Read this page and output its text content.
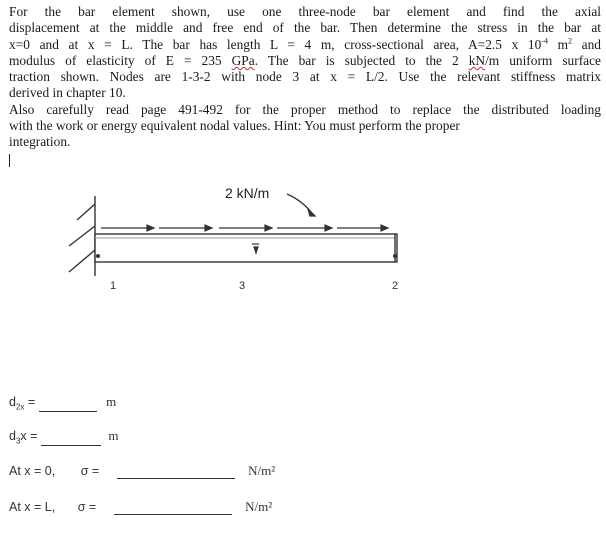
For the bar element shown, use one three-node bar element and find the axial
displacement at the middle and free end of the bar. Then determine the stress in the bar at
x=0 and at x = L. The bar has length L = 4 m, cross-sectional area, A=2.5 x $10^{-4}$ $m^2$ and
modulus of elasticity of E = 235 GPa. The bar is subjected to the 2 kN/m uniform surface
traction shown. Nodes are 1-3-2 with node 3 at x = L/2. Use the relevant stiffness matrix
derived in chapter 10.
Also carefully read page 491-492 for the proper method to replace the distributed loading
with the work or energy equivalent nodal values. Hint: You must perform the proper
integration.
2 kN/m
1	3	2
$d_{2x}$ =	m
$d_3x$ =	m
At x = 0, σ =	N/m²
At x = L, σ =	N/m²
